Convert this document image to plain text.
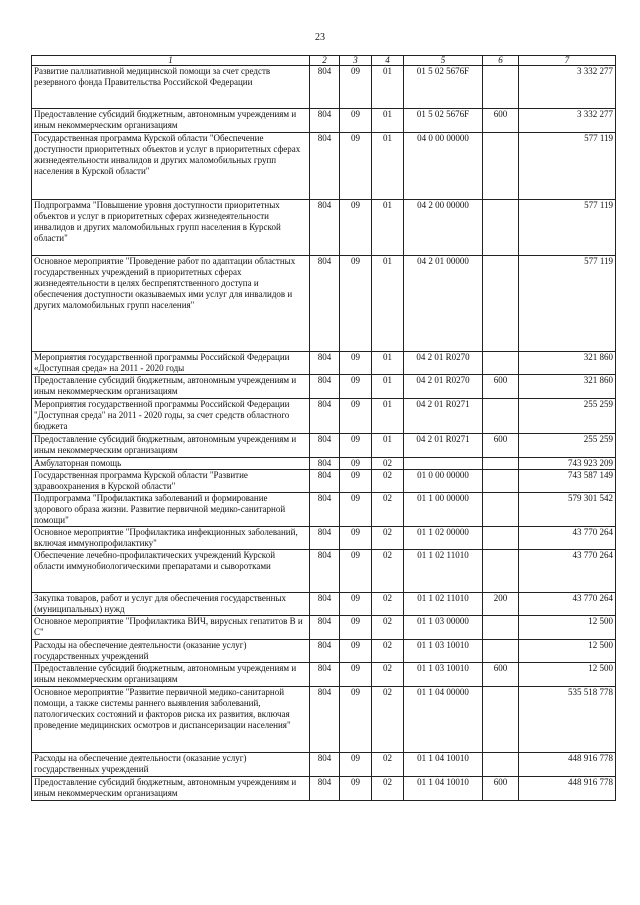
23
1	2	3	4	5	6	7
Развитие паллиативной медицинской помощи за счет средств резервного фонда Правительства Российской Федерации	804	09	01	01 5 02 5676F		3 332 277
Предоставление субсидий бюджетным, автономным учреждениям и иным некоммерческим организациям	804	09	01	01 5 02 5676F	600	3 332 277
Государственная программа Курской области "Обеспечение доступности приоритетных объектов и услуг в приоритетных сферах жизнедеятельности инвалидов и других маломобильных групп населения в Курской области"	804	09	01	04 0 00 00000		577 119
Подпрограмма "Повышение уровня доступности приоритетных объектов и услуг в приоритетных сферах жизнедеятельности инвалидов и других маломобильных групп населения в Курской области"	804	09	01	04 2 00 00000		577 119
Основное мероприятие "Проведение работ по адаптации областных государственных учреждений в приоритетных сферах жизнедеятельности в целях беспрепятственного доступа и обеспечения доступности оказываемых ими услуг для инвалидов и других маломобильных групп населения"	804	09	01	04 2 01 00000		577 119
Мероприятия государственной программы Российской Федерации «Доступная среда» на 2011 - 2020 годы	804	09	01	04 2 01 R0270		321 860
Предоставление субсидий бюджетным, автономным учреждениям и иным некоммерческим организациям	804	09	01	04 2 01 R0270	600	321 860
Мероприятия государственной программы Российской Федерации "Доступная среда" на 2011 - 2020 годы, за счет средств областного бюджета	804	09	01	04 2 01 R0271		255 259
Предоставление субсидий бюджетным, автономным учреждениям и иным некоммерческим организациям	804	09	01	04 2 01 R0271	600	255 259
Амбулаторная помощь	804	09	02			743 923 209
Государственная программа Курской области "Развитие здравоохранения в Курской области"	804	09	02	01 0 00 00000		743 587 149
Подпрограмма "Профилактика заболеваний и формирование здорового образа жизни. Развитие первичной медико-санитарной помощи"	804	09	02	01 1 00 00000		579 301 542
Основное мероприятие "Профилактика инфекционных заболеваний, включая иммунопрофилактику"	804	09	02	01 1 02 00000		43 770 264
Обеспечение лечебно-профилактических учреждений Курской области иммунобиологическими препаратами и сыворотками	804	09	02	01 1 02 11010		43 770 264
Закупка товаров, работ и услуг для обеспечения государственных (муниципальных) нужд	804	09	02	01 1 02 11010	200	43 770 264
Основное мероприятие "Профилактика ВИЧ, вирусных гепатитов В и С"	804	09	02	01 1 03 00000		12 500
Расходы на обеспечение деятельности (оказание услуг) государственных учреждений	804	09	02	01 1 03 10010		12 500
Предоставление субсидий бюджетным, автономным учреждениям и иным некоммерческим организациям	804	09	02	01 1 03 10010	600	12 500
Основное мероприятие "Развитие первичной медико-санитарной помощи, а также системы раннего выявления заболеваний, патологических состояний и факторов риска их развития, включая проведение медицинских осмотров и диспансеризации населения"	804	09	02	01 1 04 00000		535 518 778
Расходы на обеспечение деятельности (оказание услуг) государственных учреждений	804	09	02	01 1 04 10010		448 916 778
Предоставление субсидий бюджетным, автономным учреждениям и иным некоммерческим организациям	804	09	02	01 1 04 10010	600	448 916 778
